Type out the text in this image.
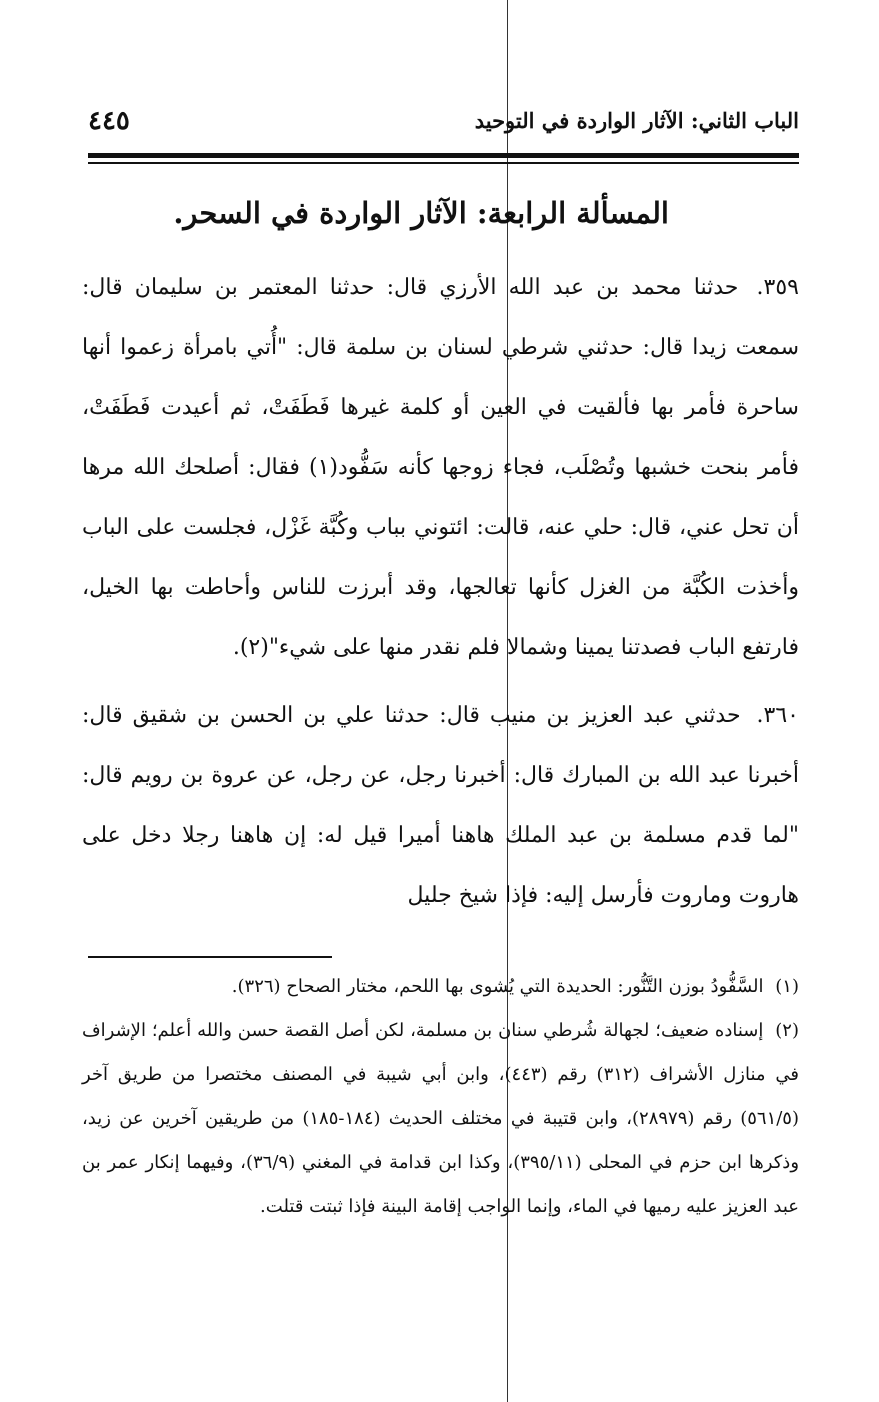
الباب الثاني: الآثار الواردة في التوحيد
٤٤٥
المسألة الرابعة: الآثار الواردة في السحر.

٣٥٩. حدثنا محمد بن عبد الله الأرزي قال: حدثنا المعتمر بن سليمان قال: سمعت زيدا قال: حدثني شرطي لسنان بن سلمة قال: "أُتي بامرأة زعموا أنها ساحرة فأمر بها فألقيت في العين أو كلمة غيرها فَطَفَتْ، ثم أعيدت فَطَفَتْ، فأمر بنحت خشبها وتُصْلَب، فجاء زوجها كأنه سَفُّود(١) فقال: أصلحك الله مرها أن تحل عني، قال: حلي عنه، قالت: ائتوني بباب وكُبَّة غَزْل، فجلست على الباب وأخذت الكُبَّة من الغزل كأنها تعالجها، وقد أبرزت للناس وأحاطت بها الخيل، فارتفع الباب فصدتنا يمينا وشمالا فلم نقدر منها على شيء"(٢).

٣٦٠. حدثني عبد العزيز بن منيب قال: حدثنا علي بن الحسن بن شقيق قال: أخبرنا عبد الله بن المبارك قال: أخبرنا رجل، عن رجل، عن عروة بن رويم قال: "لما قدم مسلمة بن عبد الملك هاهنا أميرا قيل له: إن هاهنا رجلا دخل على هاروت وماروت فأرسل إليه: فإذا شيخ جليل

(١) السَّفُّودُ بوزن التَّنُّور: الحديدة التي يُشوى بها اللحم، مختار الصحاح (٣٢٦).

(٢) إسناده ضعيف؛ لجهالة شُرطي سنان بن مسلمة، لكن أصل القصة حسن والله أعلم؛ الإشراف في منازل الأشراف (٣١٢) رقم (٤٤٣)، وابن أبي شيبة في المصنف مختصرا من طريق آخر (٥٦١/٥) رقم (٢٨٩٧٩)، وابن قتيبة في مختلف الحديث (١٨٤-١٨٥) من طريقين آخرين عن زيد، وذكرها ابن حزم في المحلى (٣٩٥/١١)، وكذا ابن قدامة في المغني (٣٦/٩)، وفيهما إنكار عمر بن عبد العزيز عليه رميها في الماء، وإنما الواجب إقامة البينة فإذا ثبتت قتلت.
